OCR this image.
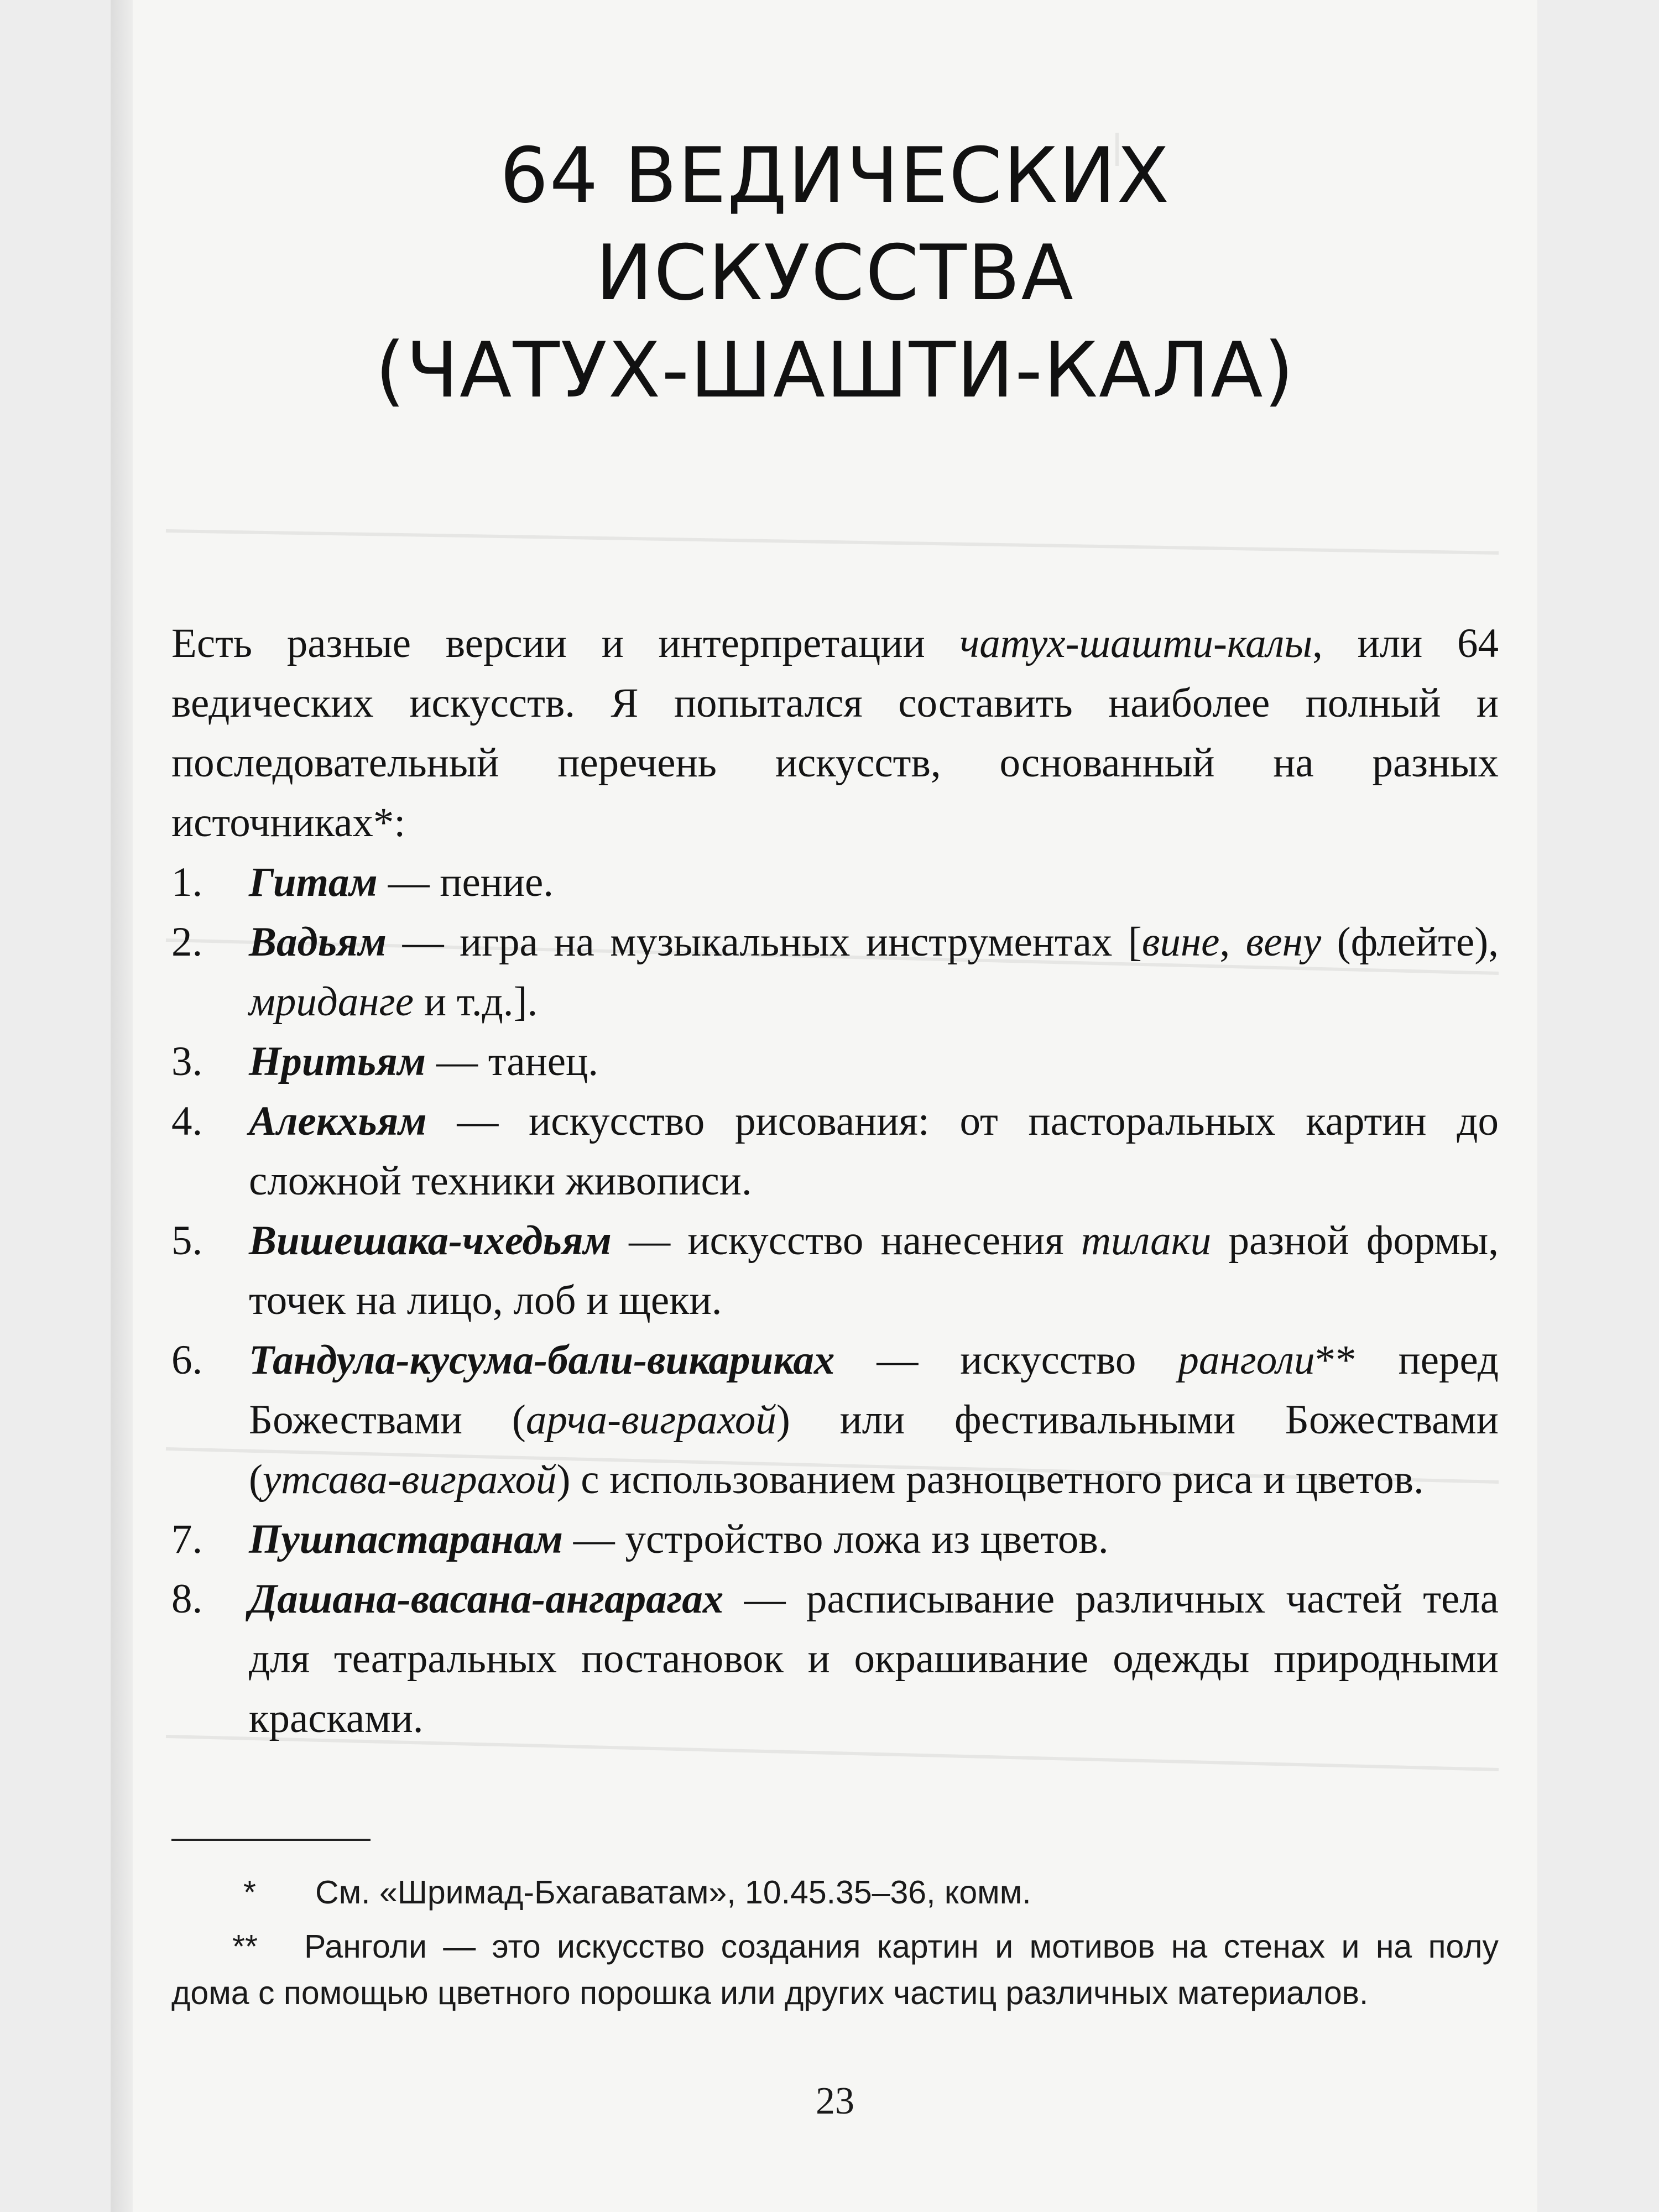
64 ВЕДИЧЕСКИХ
ИСКУССТВА
(ЧАТУХ-ШАШТИ-КАЛА)

Есть разные версии и интерпретации чатух-шашти-калы, или 64 ведических искусств. Я попытался составить наиболее полный и последовательный перечень искусств, основанный на разных источниках*:

1. Гитам — пение.
2. Вадьям — игра на музыкальных инструментах [вине, вену (флейте), мриданге и т.д.].
3. Нритьям — танец.
4. Алекхьям — искусство рисования: от пасторальных картин до сложной техники живописи.
5. Вишешака-чхедьям — искусство нанесения тилаки разной формы, точек на лицо, лоб и щеки.
6. Тандула-кусума-бали-викариках — искусство ранголи** перед Божествами (арча-виграхой) или фестивальными Божествами (утсава-виграхой) с использованием разноцветного риса и цветов.
7. Пушпастаранам — устройство ложа из цветов.
8. Дашана-васана-ангарагах — расписывание различных частей тела для театральных постановок и окрашивание одежды природными красками.

* См. «Шримад-Бхагаватам», 10.45.35–36, комм.

** Ранголи — это искусство создания картин и мотивов на стенах и на полу дома с помощью цветного порошка или других частиц различных материалов.

23
